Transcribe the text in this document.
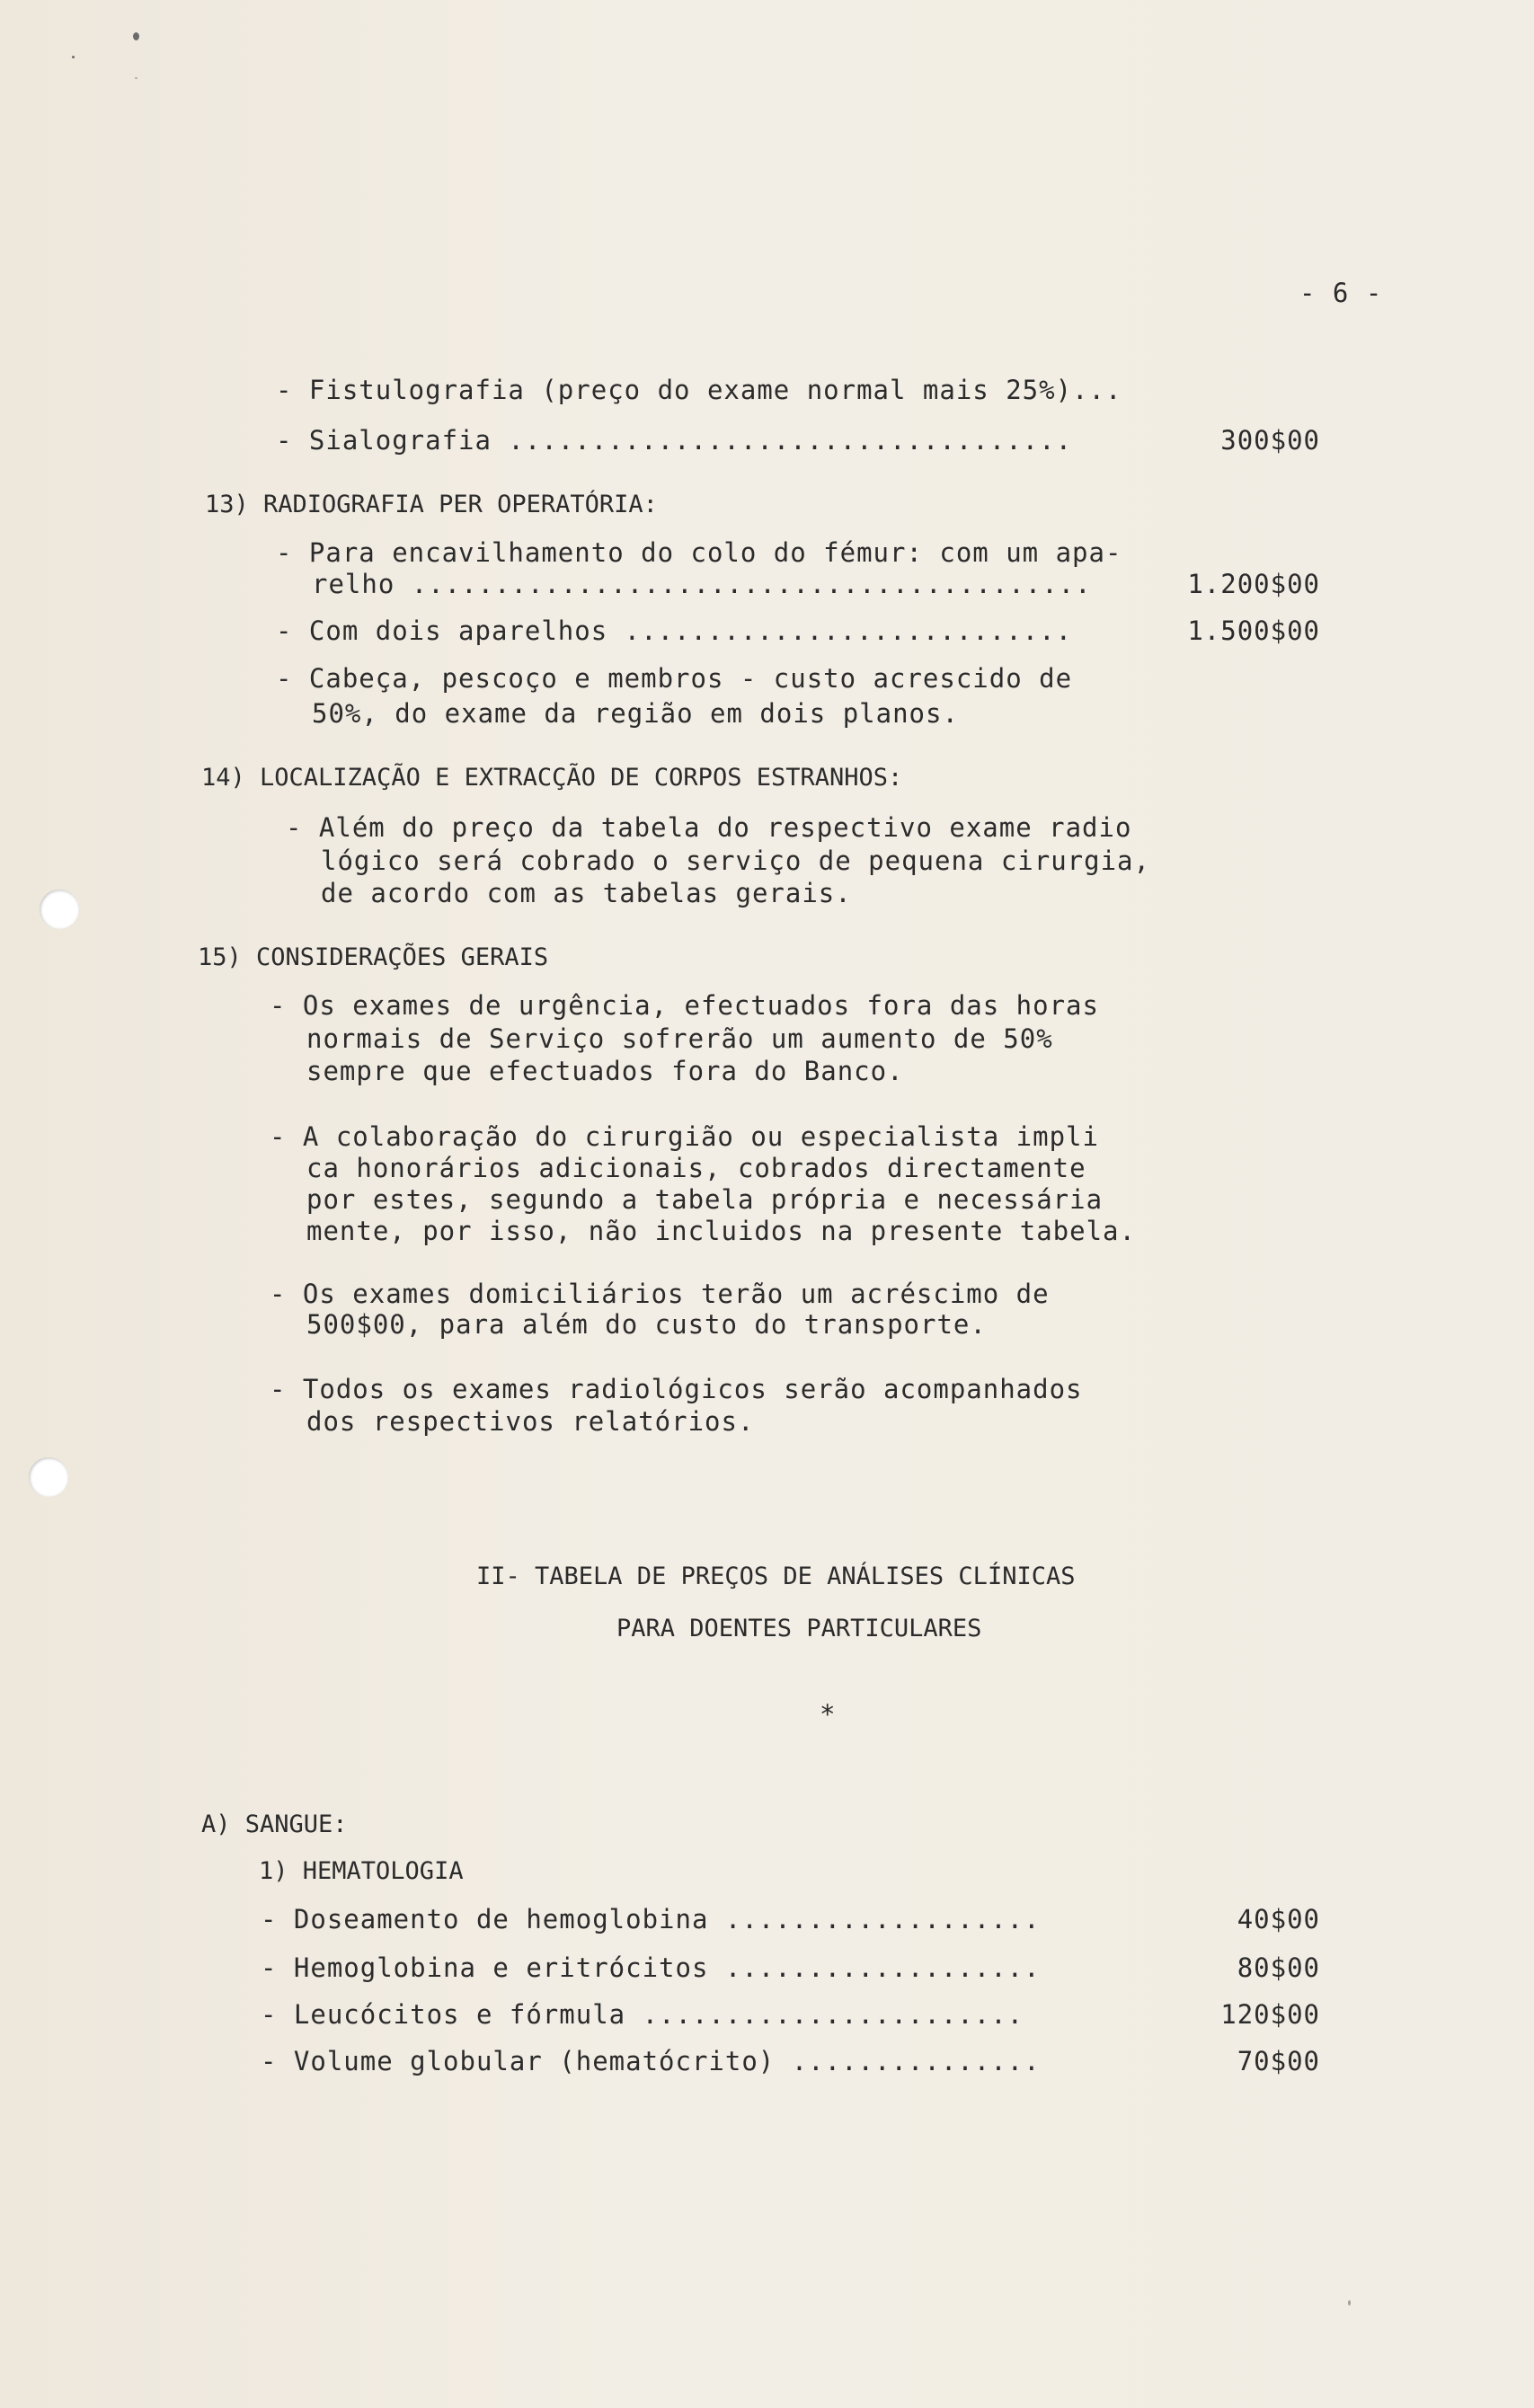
- 6 -
- Fistulografia (preço do exame normal mais 25%)...
- Sialografia ..................................	300$00
13) RADIOGRAFIA PER OPERATÓRIA:
- Para encavilhamento do colo do fémur: com um apa-
relho .........................................	1.200$00
- Com dois aparelhos ...........................	1.500$00
- Cabeça, pescoço e membros - custo acrescido de
50%, do exame da região em dois planos.
14) LOCALIZAÇÃO E EXTRACÇÃO DE CORPOS ESTRANHOS:
- Além do preço da tabela do respectivo exame radio
lógico será cobrado o serviço de pequena cirurgia,
de acordo com as tabelas gerais.
15) CONSIDERAÇÕES GERAIS
- Os exames de urgência, efectuados fora das horas
normais de Serviço sofrerão um aumento de 50%
sempre que efectuados fora do Banco.
- A colaboração do cirurgião ou especialista impli
ca honorários adicionais, cobrados directamente
por estes, segundo a tabela própria e necessária
mente, por isso, não incluidos na presente tabela.
- Os exames domiciliários terão um acréscimo de
500$00, para além do custo do transporte.
- Todos os exames radiológicos serão acompanhados
dos respectivos relatórios.
II- TABELA DE PREÇOS DE ANÁLISES CLÍNICAS
PARA DOENTES PARTICULARES
*
A) SANGUE:
1) HEMATOLOGIA
- Doseamento de hemoglobina ...................	40$00
- Hemoglobina e eritrócitos ...................	80$00
- Leucócitos e fórmula .......................	120$00
- Volume globular (hematócrito) ...............	70$00
